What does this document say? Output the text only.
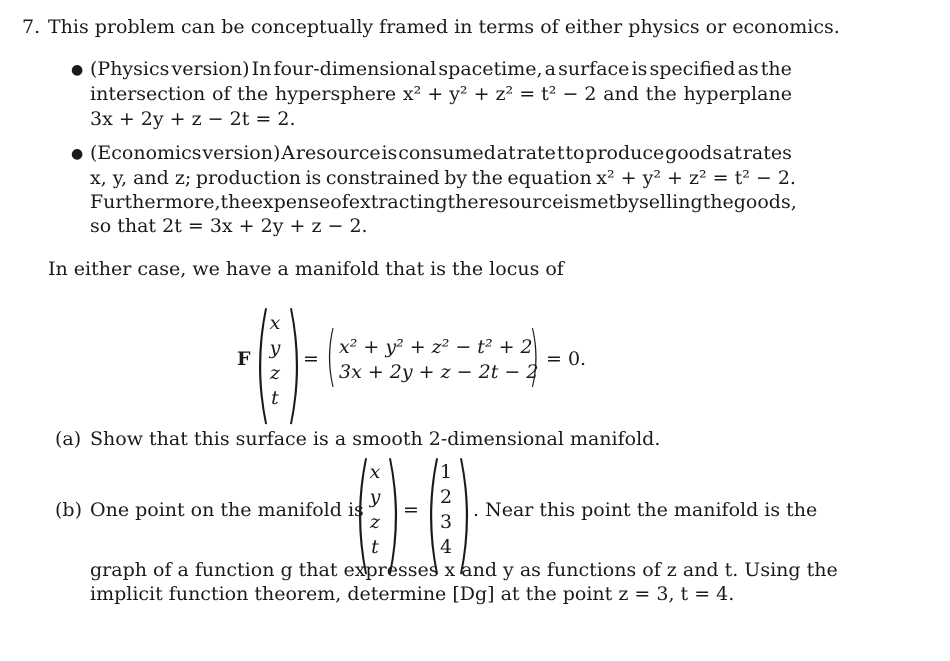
7. This problem can be conceptually framed in terms of either physics or economics.
● (Physics version) In four-dimensional spacetime, a surface is specified as the
intersection of the hypersphere x² + y² + z² = t² − 2 and the hyperplane
3x + 2y + z − 2t = 2.
● (Economics version) A resource is consumed at rate t to produce goods at rates
x, y, and z; production is constrained by the equation x² + y² + z² = t² − 2.
Furthermore, the expense of extracting the resource is met by selling the goods,
so that 2t = 3x + 2y + z − 2.
In either case, we have a manifold that is the locus of
F (
x
y
z
t ) = ( x² + y² + z² − t² + 2
3x + 2y + z − 2t − 2
) = 0.
(a) Show that this surface is a smooth 2-dimensional manifold.
(b) One point on the manifold is
(
x
y
z
t ) = (
1
2
3
4 ) . Near this point the manifold is the
graph of a function g that expresses x and y as functions of z and t. Using the
implicit function theorem, determine [Dg] at the point z = 3, t = 4.
